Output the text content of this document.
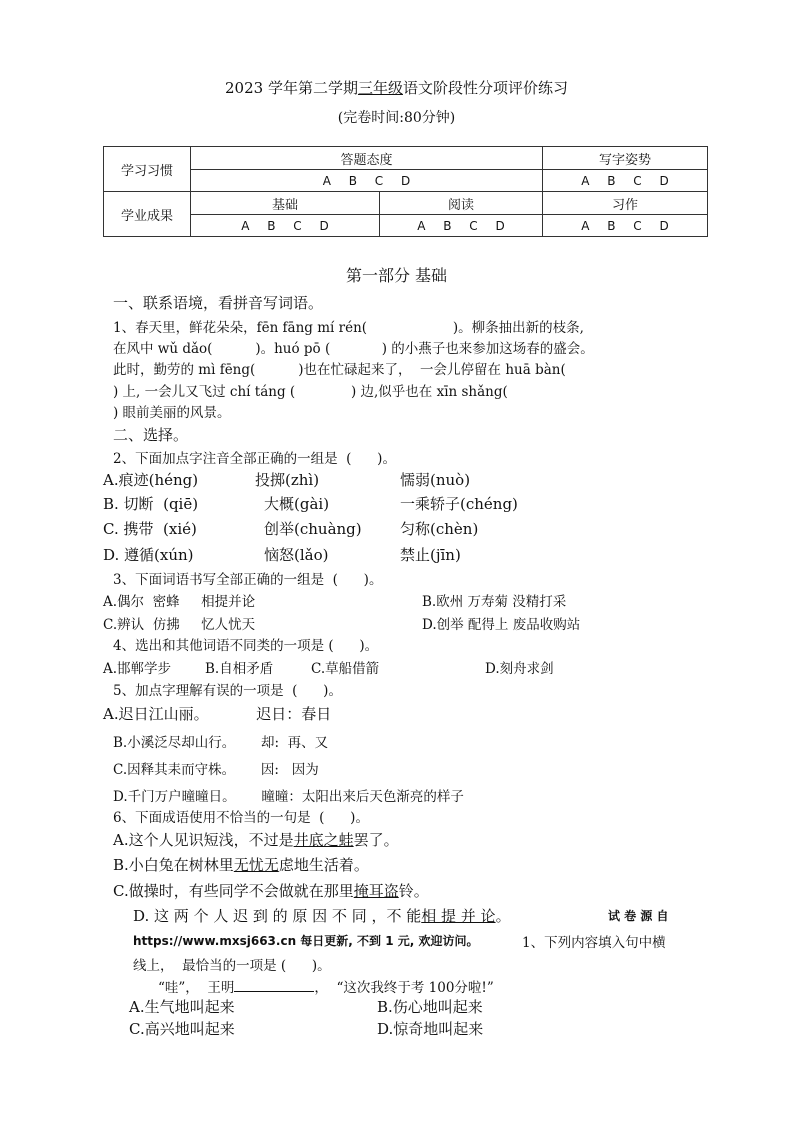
2023 学年第二学期三年级语文阶段性分项评价练习
(完卷时间:80分钟)
学习习惯	答题态度		写字姿势
	A B C D		A B C D
学业成果	基础	阅读	习作
	A B C D	A B C D	A B C D
第一部分 基础
一、联系语境，看拼音写词语。
1、春天里，鲜花朵朵，fēn fāng mí rén(                    )。柳条抽出新的枝条,
在风中 wǔ dǎo(          )。huó pō (            ) 的小燕子也来参加这场春的盛会。
此时，勤劳的 mì fēng(          )也在忙碌起来了，  一会儿停留在 huā bàn(
) 上, 一会儿又飞过 chí táng (             ) 边,似乎也在 xīn shǎng(
) 眼前美丽的风景。
二、选择。
2、下面加点字注音全部正确的一组是  (      )。
A.痕迹(héng)	投掷(zhì)	懦弱(nuò)
B. 切断  (qiē)	大概(gài)	一乘轿子(chéng)
C. 携带  (xié)	创举(chuàng)	匀称(chèn)
D. 遵循(xún)	恼怒(lǎo)	禁止(jīn)
3、下面词语书写全部正确的一组是  (      )。
A.偶尔  密蜂     相提并论	B.欧州 万寿菊 没精打采
C.辨认  仿拂     忆人忧天	D.创举 配得上 废品收购站
4、选出和其他词语不同类的一项是 (      )。
A.邯郸学步	B.自相矛盾	C.草船借箭	D.刻舟求剑
5、加点字理解有误的一项是  (      )。
A.迟日江山丽。          迟日：春日
B.小溪泛尽却山行。      却:  再、又
C.因释其耒而守株。      因:   因为
D.千门万户曈曈日。      曈曈：太阳出来后天色渐亮的样子
6、下面成语使用不恰当的一句是  (      )。
A.这个人见识短浅，不过是井底之蛙罢了。
B.小白兔在树林里无忧无虑地生活着。
C.做操时，有些同学不会做就在那里掩耳盗铃。
D. 这 两 个 人 迟 到 的 原 因 不 同 ，不 能相 提 并 论。	试 卷 源 自
https://www.mxsj663.cn 每日更新, 不到 1 元, 欢迎访问。	1、下列内容填入句中横
线上，  最恰当的一项是 (      )。
“哇”，  王明	，  “这次我终于考 100分啦!”
A.生气地叫起来	B.伤心地叫起来
C.高兴地叫起来	D.惊奇地叫起来
